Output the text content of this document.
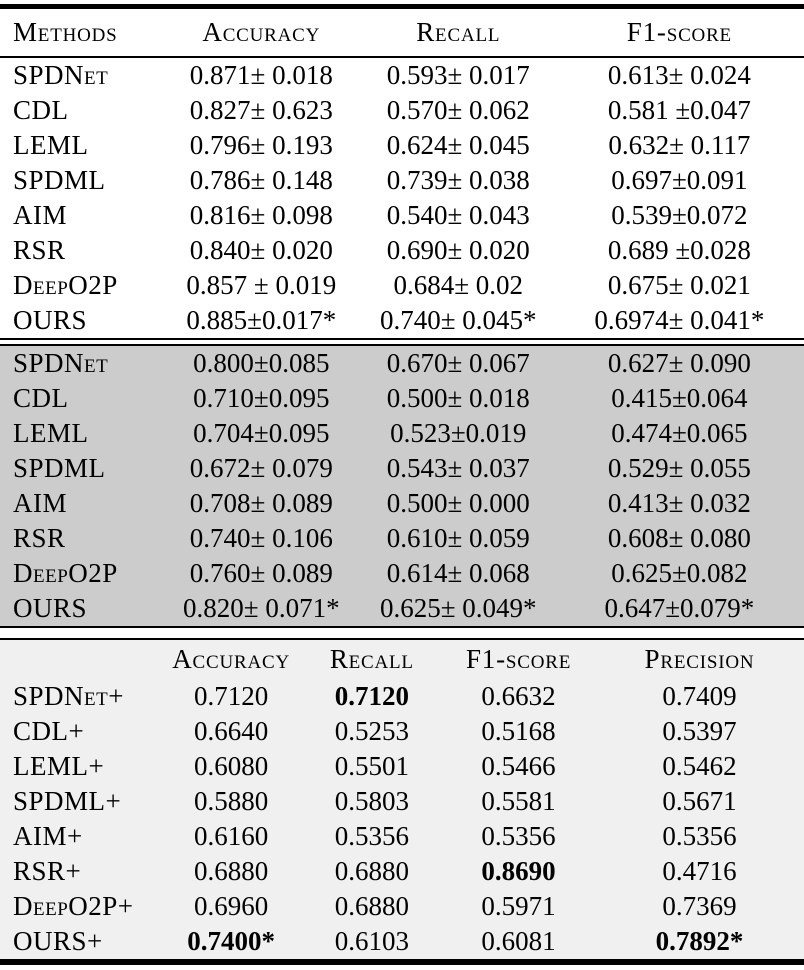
Methods	Accuracy	Recall	F1-score
SPDNet	0.871± 0.018	0.593± 0.017	0.613± 0.024
CDL	0.827± 0.623	0.570± 0.062	0.581 ±0.047
LEML	0.796± 0.193	0.624± 0.045	0.632± 0.117
SPDML	0.786± 0.148	0.739± 0.038	0.697±0.091
AIM	0.816± 0.098	0.540± 0.043	0.539±0.072
RSR	0.840± 0.020	0.690± 0.020	0.689 ±0.028
DeepO2P	0.857 ± 0.019	0.684± 0.02	0.675± 0.021
OURS	0.885±0.017*	0.740± 0.045*	0.6974± 0.041*
SPDNet	0.800±0.085	0.670± 0.067	0.627± 0.090
CDL	0.710±0.095	0.500± 0.018	0.415±0.064
LEML	0.704±0.095	0.523±0.019	0.474±0.065
SPDML	0.672± 0.079	0.543± 0.037	0.529± 0.055
AIM	0.708± 0.089	0.500± 0.000	0.413± 0.032
RSR	0.740± 0.106	0.610± 0.059	0.608± 0.080
DeepO2P	0.760± 0.089	0.614± 0.068	0.625±0.082
OURS	0.820± 0.071*	0.625± 0.049*	0.647±0.079*
	Accuracy	Recall	F1-score	Precision
SPDNet+	0.7120	0.7120	0.6632	0.7409
CDL+	0.6640	0.5253	0.5168	0.5397
LEML+	0.6080	0.5501	0.5466	0.5462
SPDML+	0.5880	0.5803	0.5581	0.5671
AIM+	0.6160	0.5356	0.5356	0.5356
RSR+	0.6880	0.6880	0.8690	0.4716
DeepO2P+	0.6960	0.6880	0.5971	0.7369
OURS+	0.7400*	0.6103	0.6081	0.7892*
